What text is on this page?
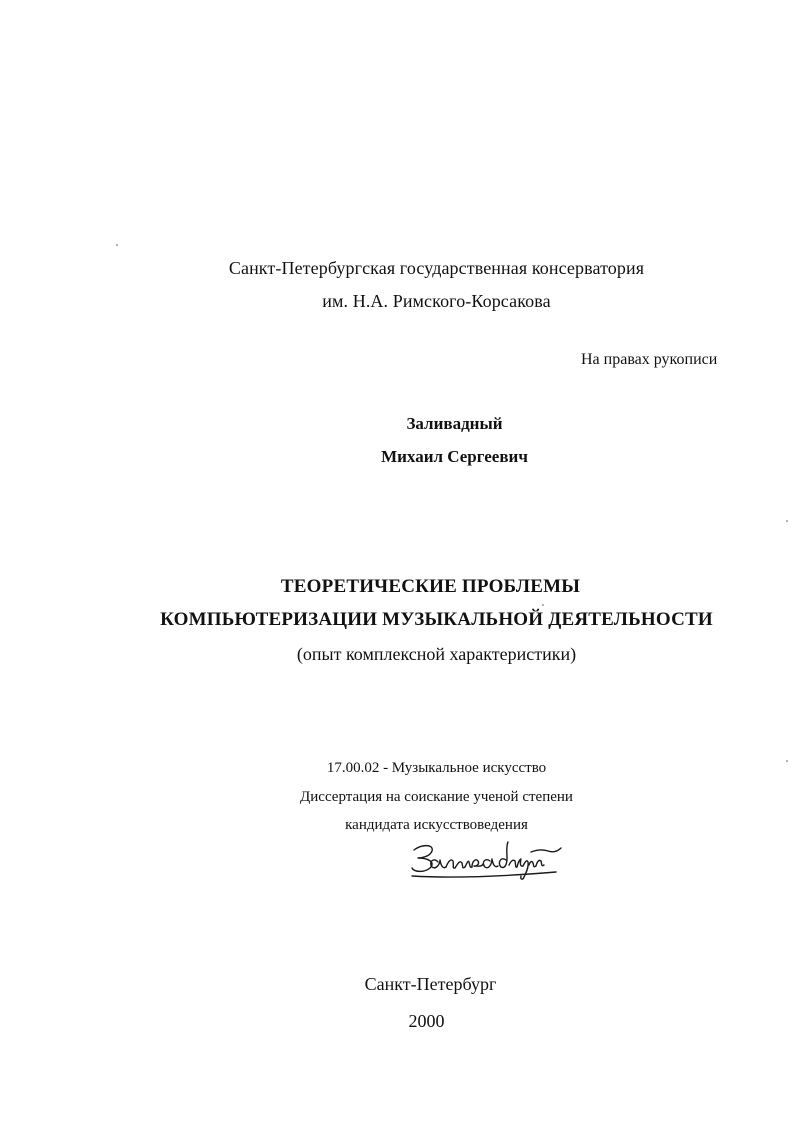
Санкт-Петербургская государственная консерватория
им. Н.А. Римского-Корсакова
На правах рукописи
Заливадный
Михаил Сергеевич
ТЕОРЕТИЧЕСКИЕ ПРОБЛЕМЫ
КОМПЬЮТЕРИЗАЦИИ МУЗЫКАЛЬНОЙ ДЕЯТЕЛЬНОСТИ
(опыт комплексной характеристики)
17.00.02 - Музыкальное искусство
Диссертация на соискание ученой степени
кандидата искусствоведения
Санкт-Петербург
2000
